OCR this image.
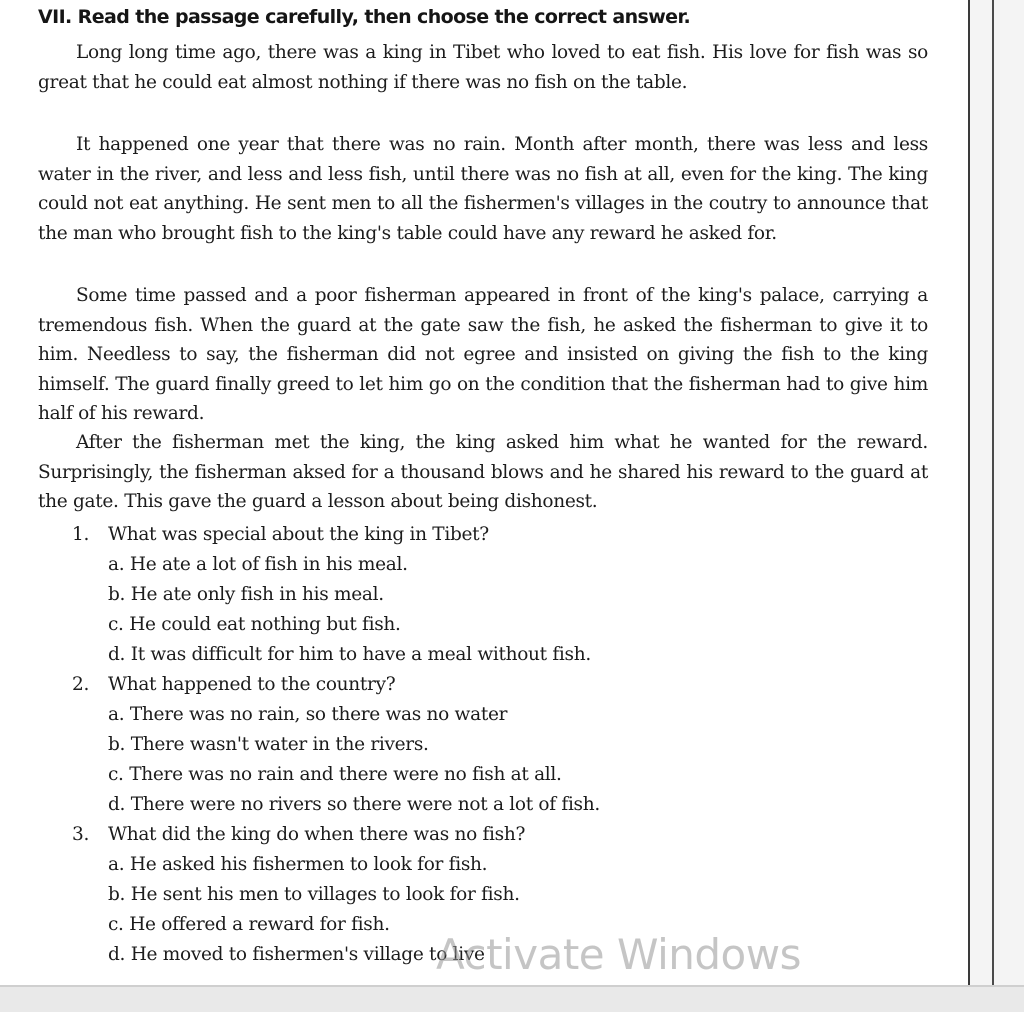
VII. Read the passage carefully, then choose the correct answer.

Long long time ago, there was a king in Tibet who loved to eat fish. His love for fish was so great that he could eat almost nothing if there was no fish on the table.

It happened one year that there was no rain. Month after month, there was less and less water in the river, and less and less fish, until there was no fish at all, even for the king. The king could not eat anything. He sent men to all the fishermen's villages in the coutry to announce that the man who brought fish to the king's table could have any reward he asked for.

Some time passed and a poor fisherman appeared in front of the king's palace, carrying a tremendous fish. When the guard at the gate saw the fish, he asked the fisherman to give it to him. Needless to say, the fisherman did not egree and insisted on giving the fish to the king himself. The guard finally greed to let him go on the condition that the fisherman had to give him half of his reward.

After the fisherman met the king, the king asked him what he wanted for the reward. Surprisingly, the fisherman aksed for a thousand blows and he shared his reward to the guard at the gate. This gave the guard a lesson about being dishonest.

1. What was special about the king in Tibet?
a. He ate a lot of fish in his meal.
b. He ate only fish in his meal.
c. He could eat nothing but fish.
d. It was difficult for him to have a meal without fish.
2. What happened to the country?
a. There was no rain, so there was no water
b. There wasn't water in the rivers.
c. There was no rain and there were no fish at all.
d. There were no rivers so there were not a lot of fish.
3. What did the king do when there was no fish?
a. He asked his fishermen to look for fish.
b. He sent his men to villages to look for fish.
c. He offered a reward for fish.
d. He moved to fishermen's village to live
Activate Windows
